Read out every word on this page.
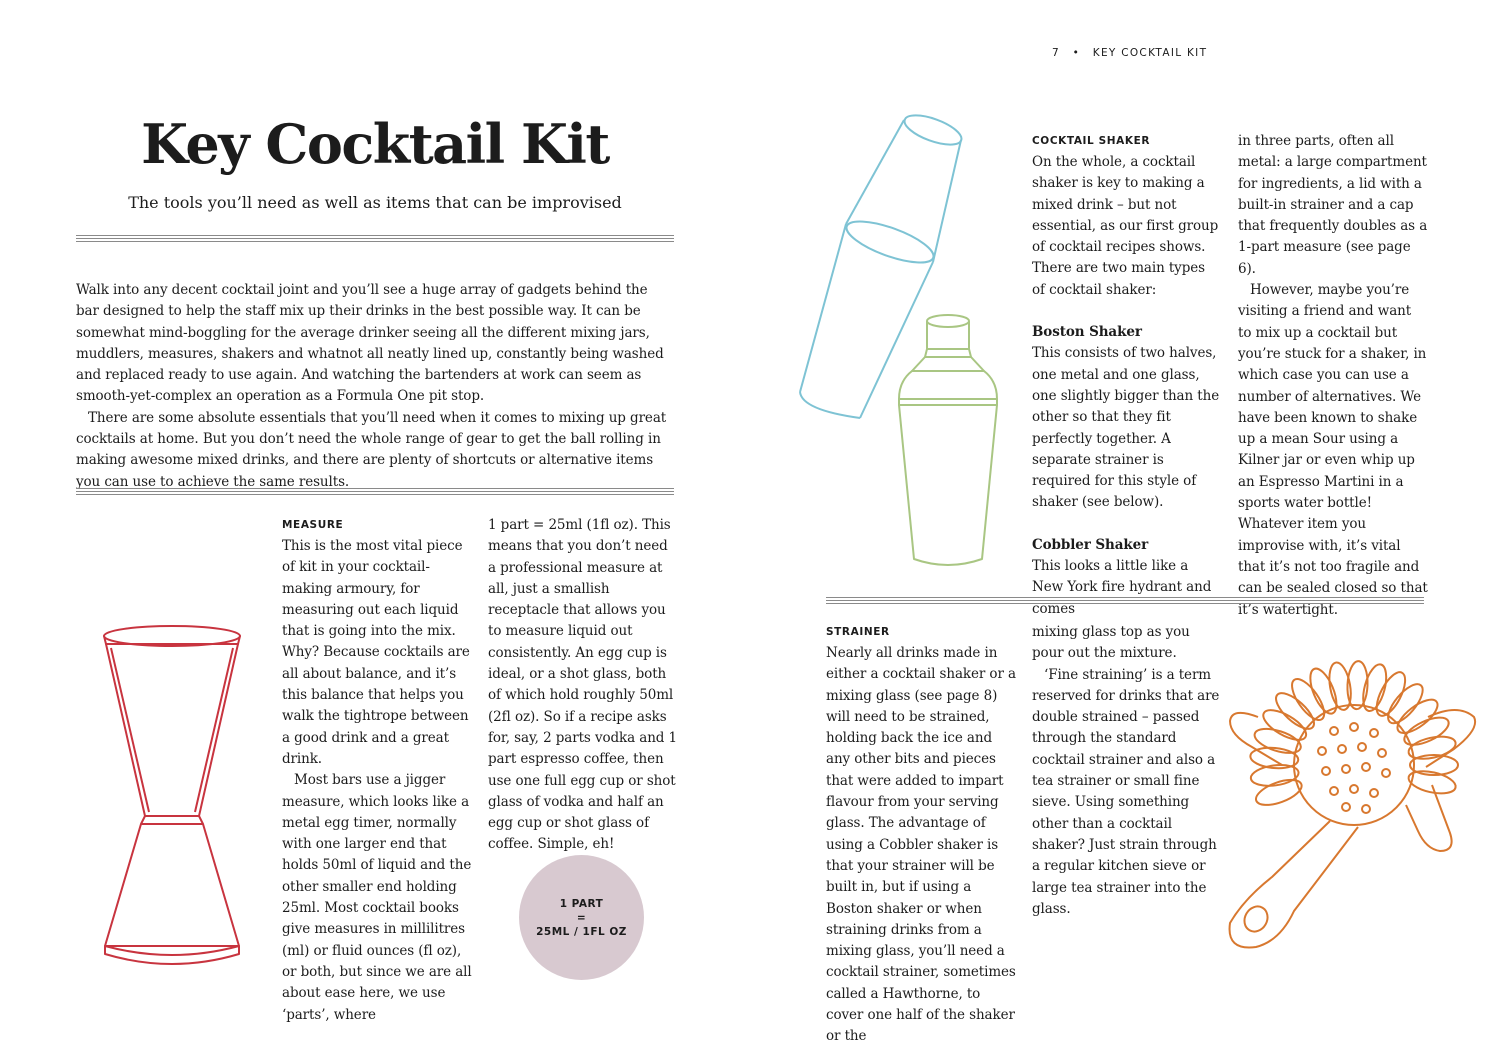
7 • KEY COCKTAIL KIT
Key Cocktail Kit
The tools you’ll need as well as items that can be improvised

Walk into any decent cocktail joint and you’ll see a huge array of gadgets behind the bar designed to help the staff mix up their drinks in the best possible way. It can be somewhat mind-boggling for the average drinker seeing all the different mixing jars, muddlers, measures, shakers and whatnot all neatly lined up, constantly being washed and replaced ready to use again. And watching the bartenders at work can seem as smooth-yet-complex an operation as a Formula One pit stop.

There are some absolute essentials that you’ll need when it comes to mixing up great cocktails at home. But you don’t need the whole range of gear to get the ball rolling in making awesome mixed drinks, and there are plenty of shortcuts or alternative items you can use to achieve the same results.

MEASURE

This is the most vital piece of kit in your cocktail-making armoury, for measuring out each liquid that is going into the mix. Why? Because cocktails are all about balance, and it’s this balance that helps you walk the tightrope between a good drink and a great drink.

Most bars use a jigger measure, which looks like a metal egg timer, normally with one larger end that holds 50ml of liquid and the other smaller end holding 25ml. Most cocktail books give measures in millilitres (ml) or fluid ounces (fl oz), or both, but since we are all about ease here, we use ‘parts’, where

1 part = 25ml (1fl oz). This means that you don’t need a professional measure at all, just a smallish receptacle that allows you to measure liquid out consistently. An egg cup is ideal, or a shot glass, both of which hold roughly 50ml (2fl oz). So if a recipe asks for, say, 2 parts vodka and 1 part espresso coffee, then use one full egg cup or shot glass of vodka and half an egg cup or shot glass of coffee. Simple, eh!

1 PART
=
25ML / 1FL OZ
COCKTAIL SHAKER

On the whole, a cocktail shaker is key to making a mixed drink – but not essential, as our first group of cocktail recipes shows. There are two main types of cocktail shaker:

Boston Shaker

This consists of two halves, one metal and one glass, one slightly bigger than the other so that they fit perfectly together. A separate strainer is required for this style of shaker (see below).

Cobbler Shaker

This looks a little like a New York fire hydrant and comes

in three parts, often all metal: a large compartment for ingredients, a lid with a built-in strainer and a cap that frequently doubles as a 1-part measure (see page 6).

However, maybe you’re visiting a friend and want to mix up a cocktail but you’re stuck for a shaker, in which case you can use a number of alternatives. We have been known to shake up a mean Sour using a Kilner jar or even whip up an Espresso Martini in a sports water bottle! Whatever item you improvise with, it’s vital that it’s not too fragile and can be sealed closed so that it’s watertight.

STRAINER

Nearly all drinks made in either a cocktail shaker or a mixing glass (see page 8) will need to be strained, holding back the ice and any other bits and pieces that were added to impart flavour from your serving glass. The advantage of using a Cobbler shaker is that your strainer will be built in, but if using a Boston shaker or when straining drinks from a mixing glass, you’ll need a cocktail strainer, sometimes called a Hawthorne, to cover one half of the shaker or the

mixing glass top as you pour out the mixture.

‘Fine straining’ is a term reserved for drinks that are double strained – passed through the standard cocktail strainer and also a tea strainer or small fine sieve. Using something other than a cocktail shaker? Just strain through a regular kitchen sieve or large tea strainer into the glass.
